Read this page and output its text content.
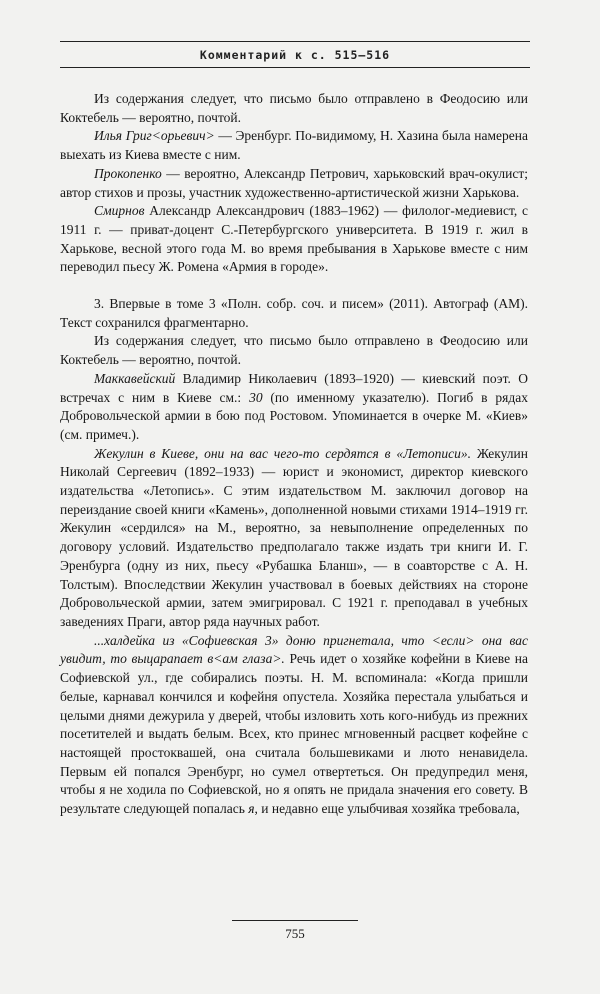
Комментарий к с. 515–516

Из содержания следует, что письмо было отправлено в Феодосию или Коктебель — вероятно, почтой.

Илья Григ<орьевич> — Эренбург. По-видимому, Н. Хазина была намерена выехать из Киева вместе с ним.

Прокопенко — вероятно, Александр Петрович, харьковский врач-окулист; автор стихов и прозы, участник художественно-артистической жизни Харькова.

Смирнов Александр Александрович (1883–1962) — филолог-медиевист, с 1911 г. — приват-доцент С.-Петербургского университета. В 1919 г. жил в Харькове, весной этого года М. во время пребывания в Харькове вместе с ним переводил пьесу Ж. Ромена «Армия в городе».

3. Впервые в томе 3 «Полн. собр. соч. и писем» (2011). Автограф (АМ). Текст сохранился фрагментарно.

Из содержания следует, что письмо было отправлено в Феодосию или Коктебель — вероятно, почтой.

Маккавейский Владимир Николаевич (1893–1920) — киевский поэт. О встречах с ним в Киеве см.: 30 (по именному указателю). Погиб в рядах Добровольческой армии в бою под Ростовом. Упоминается в очерке М. «Киев» (см. примеч.).

Жекулин в Киеве, они на вас чего-то сердятся в «Летописи». Жекулин Николай Сергеевич (1892–1933) — юрист и экономист, директор киевского издательства «Летопись». С этим издательством М. заключил договор на переиздание своей книги «Камень», дополненной новыми стихами 1914–1919 гг. Жекулин «сердился» на М., вероятно, за невыполнение определенных по договору условий. Издательство предполагало также издать три книги И. Г. Эренбурга (одну из них, пьесу «Рубашка Бланш», — в соавторстве с А. Н. Толстым). Впоследствии Жекулин участвовал в боевых действиях на стороне Добровольческой армии, затем эмигрировал. С 1921 г. преподавал в учебных заведениях Праги, автор ряда научных работ.

...халдейка из «Софиевская 3» доню пригнетала, что <если> она вас увидит, то выцарапает в<ам глаза>. Речь идет о хозяйке кофейни в Киеве на Софиевской ул., где собирались поэты. Н. М. вспоминала: «Когда пришли белые, карнавал кончился и кофейня опустела. Хозяйка перестала улыбаться и целыми днями дежурила у дверей, чтобы изловить хоть кого-нибудь из прежних посетителей и выдать белым. Всех, кто принес мгновенный расцвет кофейне с настоящей простоквашей, она считала большевиками и люто ненавидела. Первым ей попался Эренбург, но сумел отвертеться. Он предупредил меня, чтобы я не ходила по Софиевской, но я опять не придала значения его совету. В результате следующей попалась я, и недавно еще улыбчивая хозяйка требовала,

755
